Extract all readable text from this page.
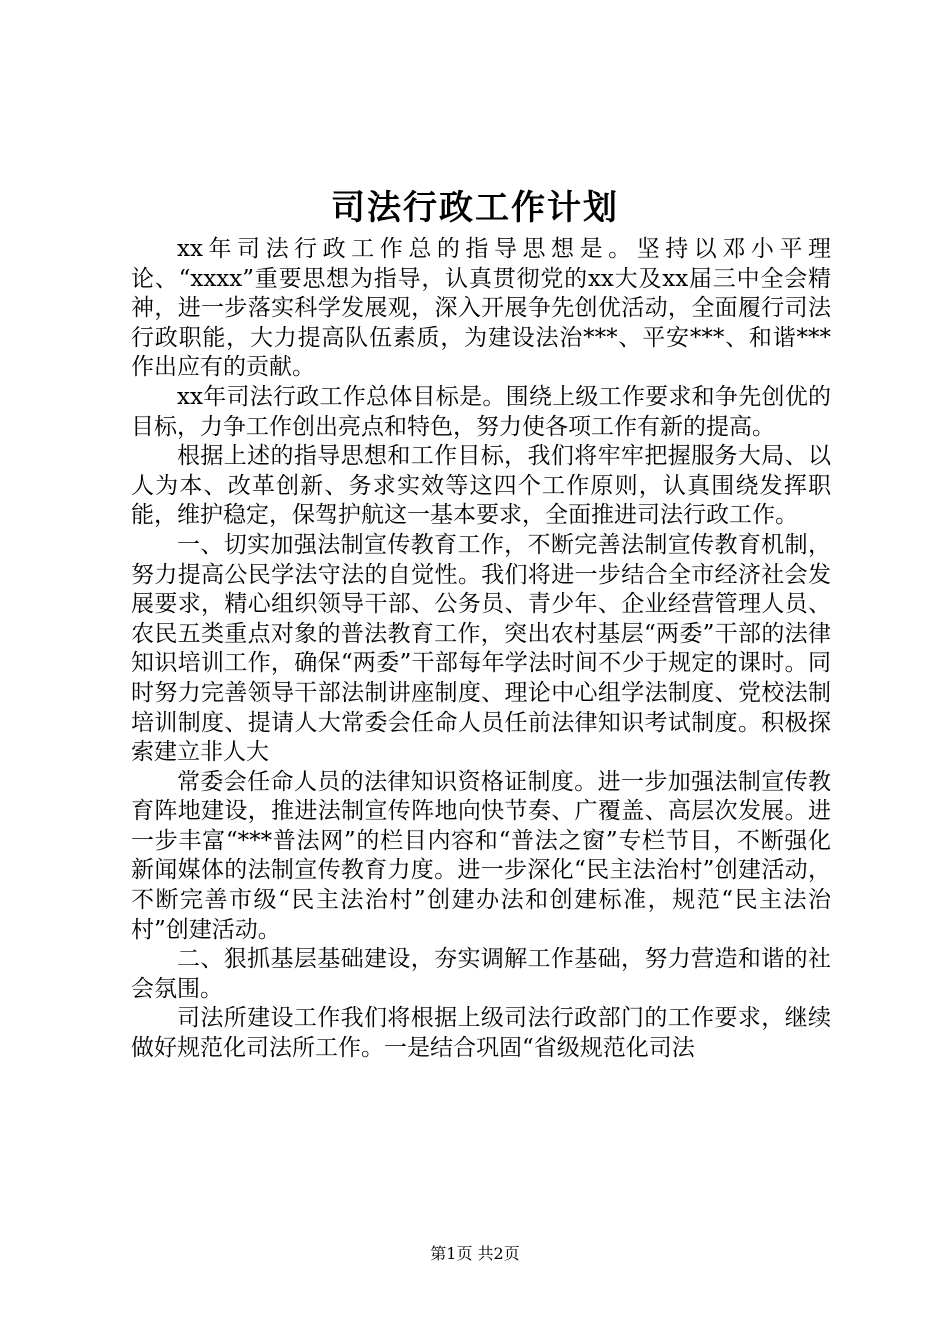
司法行政工作计划

xx年司法行政工作总的指导思想是。坚持以邓小平理论、“xxxx”重要思想为指导，认真贯彻党的xx大及xx届三中全会精神，进一步落实科学发展观，深入开展争先创优活动，全面履行司法行政职能，大力提高队伍素质，为建设法治***、平安***、和谐***作出应有的贡献。

xx年司法行政工作总体目标是。围绕上级工作要求和争先创优的目标，力争工作创出亮点和特色，努力使各项工作有新的提高。

根据上述的指导思想和工作目标，我们将牢牢把握服务大局、以人为本、改革创新、务求实效等这四个工作原则，认真围绕发挥职能，维护稳定，保驾护航这一基本要求，全面推进司法行政工作。

一、切实加强法制宣传教育工作，不断完善法制宣传教育机制，努力提高公民学法守法的自觉性。我们将进一步结合全市经济社会发展要求，精心组织领导干部、公务员、青少年、企业经营管理人员、农民五类重点对象的普法教育工作，突出农村基层“两委”干部的法律知识培训工作，确保“两委”干部每年学法时间不少于规定的课时。同时努力完善领导干部法制讲座制度、理论中心组学法制度、党校法制培训制度、提请人大常委会任命人员任前法律知识考试制度。积极探索建立非人大

常委会任命人员的法律知识资格证制度。进一步加强法制宣传教育阵地建设，推进法制宣传阵地向快节奏、广覆盖、高层次发展。进一步丰富“***普法网”的栏目内容和“普法之窗”专栏节目，不断强化新闻媒体的法制宣传教育力度。进一步深化“民主法治村”创建活动，不断完善市级“民主法治村”创建办法和创建标准，规范“民主法治村”创建活动。

二、狠抓基层基础建设，夯实调解工作基础，努力营造和谐的社会氛围。

司法所建设工作我们将根据上级司法行政部门的工作要求，继续做好规范化司法所工作。一是结合巩固“省级规范化司法

第1页 共2页
